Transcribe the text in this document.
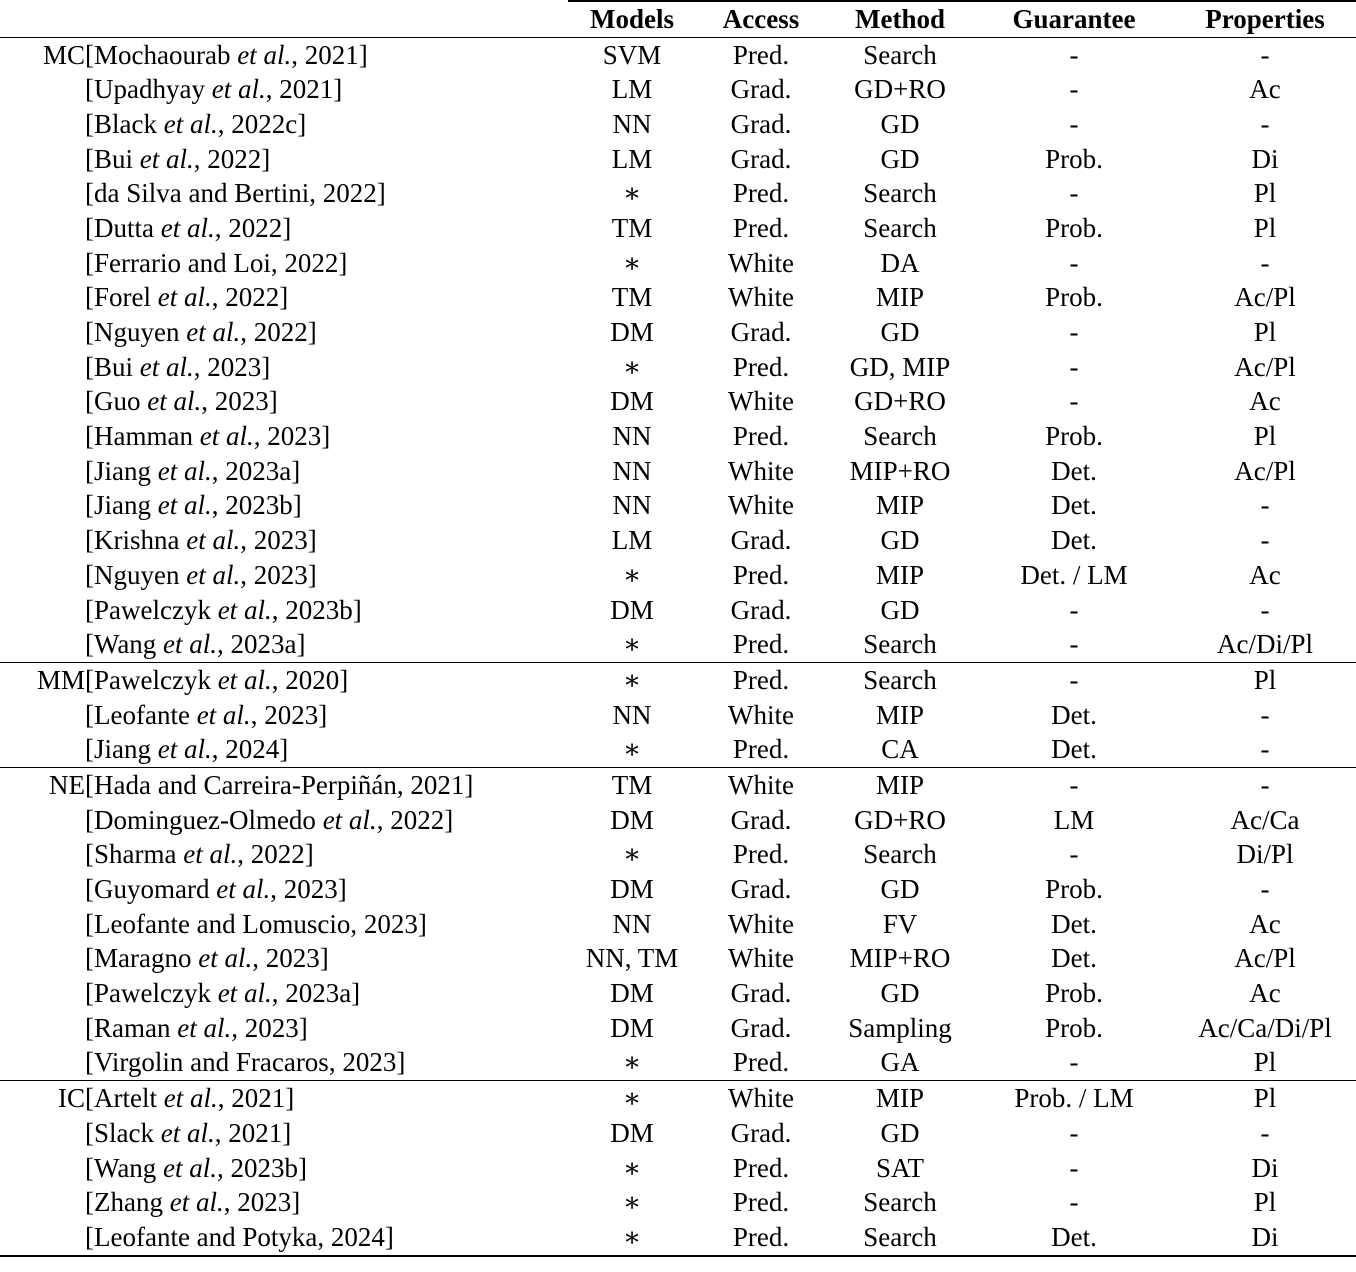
		Models	Access	Method	Guarantee	Properties
MC	[Mochaourab et al., 2021]	SVM	Pred.	Search	-	-
	[Upadhyay et al., 2021]	LM	Grad.	GD+RO	-	Ac
	[Black et al., 2022c]	NN	Grad.	GD	-	-
	[Bui et al., 2022]	LM	Grad.	GD	Prob.	Di
	[da Silva and Bertini, 2022]	∗	Pred.	Search	-	Pl
	[Dutta et al., 2022]	TM	Pred.	Search	Prob.	Pl
	[Ferrario and Loi, 2022]	∗	White	DA	-	-
	[Forel et al., 2022]	TM	White	MIP	Prob.	Ac/Pl
	[Nguyen et al., 2022]	DM	Grad.	GD	-	Pl
	[Bui et al., 2023]	∗	Pred.	GD, MIP	-	Ac/Pl
	[Guo et al., 2023]	DM	White	GD+RO	-	Ac
	[Hamman et al., 2023]	NN	Pred.	Search	Prob.	Pl
	[Jiang et al., 2023a]	NN	White	MIP+RO	Det.	Ac/Pl
	[Jiang et al., 2023b]	NN	White	MIP	Det.	-
	[Krishna et al., 2023]	LM	Grad.	GD	Det.	-
	[Nguyen et al., 2023]	∗	Pred.	MIP	Det. / LM	Ac
	[Pawelczyk et al., 2023b]	DM	Grad.	GD	-	-
	[Wang et al., 2023a]	∗	Pred.	Search	-	Ac/Di/Pl
MM	[Pawelczyk et al., 2020]	∗	Pred.	Search	-	Pl
	[Leofante et al., 2023]	NN	White	MIP	Det.	-
	[Jiang et al., 2024]	∗	Pred.	CA	Det.	-
NE	[Hada and Carreira-Perpiñán, 2021]	TM	White	MIP	-	-
	[Dominguez-Olmedo et al., 2022]	DM	Grad.	GD+RO	LM	Ac/Ca
	[Sharma et al., 2022]	∗	Pred.	Search	-	Di/Pl
	[Guyomard et al., 2023]	DM	Grad.	GD	Prob.	-
	[Leofante and Lomuscio, 2023]	NN	White	FV	Det.	Ac
	[Maragno et al., 2023]	NN, TM	White	MIP+RO	Det.	Ac/Pl
	[Pawelczyk et al., 2023a]	DM	Grad.	GD	Prob.	Ac
	[Raman et al., 2023]	DM	Grad.	Sampling	Prob.	Ac/Ca/Di/Pl
	[Virgolin and Fracaros, 2023]	∗	Pred.	GA	-	Pl
IC	[Artelt et al., 2021]	∗	White	MIP	Prob. / LM	Pl
	[Slack et al., 2021]	DM	Grad.	GD	-	-
	[Wang et al., 2023b]	∗	Pred.	SAT	-	Di
	[Zhang et al., 2023]	∗	Pred.	Search	-	Pl
	[Leofante and Potyka, 2024]	∗	Pred.	Search	Det.	Di
